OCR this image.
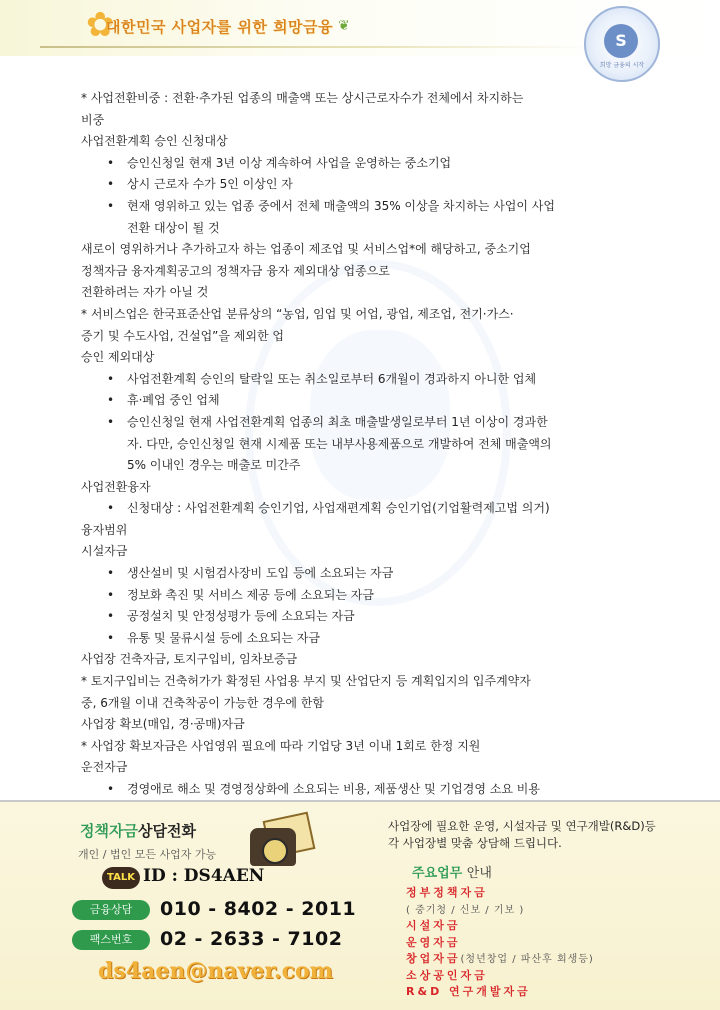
✿
대한민국 사업자를 위한 희망금융 ❦
S
희망 금융의 시작
* 사업전환비중 : 전환·추가된 업종의 매출액 또는 상시근로자수가 전체에서 차지하는
비중
사업전환계획 승인 신청대상
• 승인신청일 현재 3년 이상 계속하여 사업을 운영하는 중소기업
• 상시 근로자 수가 5인 이상인 자
• 현재 영위하고 있는 업종 중에서 전체 매출액의 35% 이상을 차지하는 사업이 사업
전환 대상이 될 것
새로이 영위하거나 추가하고자 하는 업종이 제조업 및 서비스업*에 해당하고, 중소기업
정책자금 융자계획공고의 정책자금 융자 제외대상 업종으로
전환하려는 자가 아닐 것
* 서비스업은 한국표준산업 분류상의 “농업, 임업 및 어업, 광업, 제조업, 전기·가스·
증기 및 수도사업, 건설업”을 제외한 업
승인 제외대상
• 사업전환계획 승인의 탈락일 또는 취소일로부터 6개월이 경과하지 아니한 업체
• 휴·폐업 중인 업체
• 승인신청일 현재 사업전환계획 업종의 최초 매출발생일로부터 1년 이상이 경과한
자. 다만, 승인신청일 현재 시제품 또는 내부사용제품으로 개발하여 전체 매출액의
5% 이내인 경우는 매출로 미간주
사업전환융자
• 신청대상 : 사업전환계획 승인기업, 사업재편계획 승인기업(기업활력제고법 의거)
융자범위
시설자금
• 생산설비 및 시험검사장비 도입 등에 소요되는 자금
• 정보화 촉진 및 서비스 제공 등에 소요되는 자금
• 공정설치 및 안정성평가 등에 소요되는 자금
• 유통 및 물류시설 등에 소요되는 자금
사업장 건축자금, 토지구입비, 임차보증금
* 토지구입비는 건축허가가 확정된 사업용 부지 및 산업단지 등 계획입지의 입주계약자
중, 6개월 이내 건축착공이 가능한 경우에 한함
사업장 확보(매입, 경·공매)자금
* 사업장 확보자금은 사업영위 필요에 따라 기업당 3년 이내 1회로 한정 지원
운전자금
• 경영애로 해소 및 경영정상화에 소요되는 비용, 제품생산 및 기업경영 소요 비용
정책자금상담전화
개인 / 법인 모든 사업자 가능
TALK ID : DS4AEN
금융상담	010 - 8402 - 2011
팩스번호	02 - 2633 - 7102
ds4aen@naver.com
사업장에 필요한 운영, 시설자금 및 연구개발(R&D)등
각 사업장별 맞춤 상담해 드립니다.
주요업무 안내
정부정책자금
( 중기청 / 신보 / 기보 )
시설자금
운영자금
창업자금(청년창업 / 파산후 회생등)
소상공인자금
R&D 연구개발자금
